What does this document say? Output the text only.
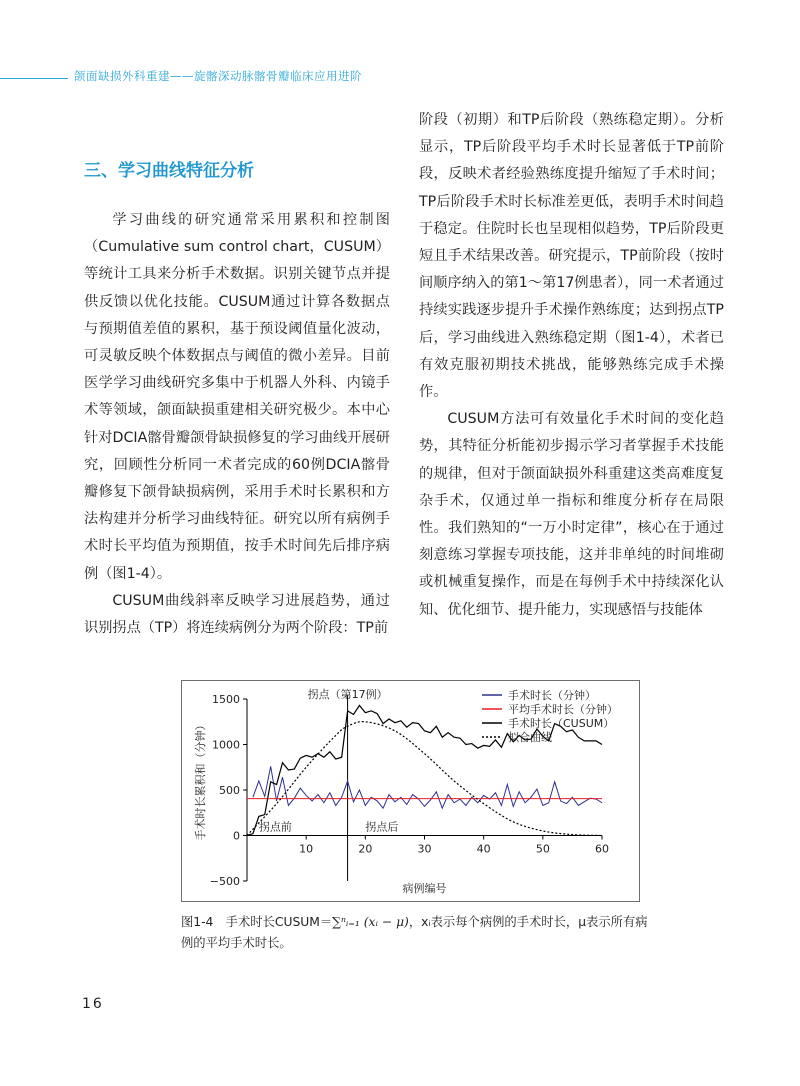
颌面缺损外科重建——旋髂深动脉髂骨瓣临床应用进阶
三、学习曲线特征分析

学习曲线的研究通常采用累积和控制图（Cumulative sum control chart，CUSUM）等统计工具来分析手术数据。识别关键节点并提供反馈以优化技能。CUSUM通过计算各数据点与预期值差值的累积，基于预设阈值量化波动，可灵敏反映个体数据点与阈值的微小差异。目前医学学习曲线研究多集中于机器人外科、内镜手术等领域，颌面缺损重建相关研究极少。本中心针对DCIA髂骨瓣颌骨缺损修复的学习曲线开展研究，回顾性分析同一术者完成的60例DCIA髂骨瓣修复下颌骨缺损病例，采用手术时长累积和方法构建并分析学习曲线特征。研究以所有病例手术时长平均值为预期值，按手术时间先后排序病例（图1-4）。

CUSUM曲线斜率反映学习进展趋势，通过识别拐点（TP）将连续病例分为两个阶段：TP前

阶段（初期）和TP后阶段（熟练稳定期）。分析显示，TP后阶段平均手术时长显著低于TP前阶段，反映术者经验熟练度提升缩短了手术时间；TP后阶段手术时长标准差更低，表明手术时间趋于稳定。住院时长也呈现相似趋势，TP后阶段更短且手术结果改善。研究提示，TP前阶段（按时间顺序纳入的第1～第17例患者），同一术者通过持续实践逐步提升手术操作熟练度；达到拐点TP后，学习曲线进入熟练稳定期（图1-4），术者已有效克服初期技术挑战，能够熟练完成手术操作。

CUSUM方法可有效量化手术时间的变化趋势，其特征分析能初步揭示学习者掌握手术技能的规律，但对于颌面缺损外科重建这类高难度复杂手术，仅通过单一指标和维度分析存在局限性。我们熟知的“一万小时定律”，核心在于通过刻意练习掌握专项技能，这并非单纯的时间堆砌或机械重复操作，而是在每例手术中持续深化认知、优化细节、提升能力，实现感悟与技能体

−500
0
500
1000
1500
10	20	30	40	50	60
病例编号
手术时长累积和（分钟）
拐点（第17例）
拐点前	拐点后
手术时长（分钟）
平均手术时长（分钟）
手术时长（CUSUM）
拟合曲线
图1-4　手术时长CUSUM＝∑ⁿᵢ₌₁ (xᵢ − μ)，xᵢ表示每个病例的手术时长，μ表示所有病例的平均手术时长。
16
